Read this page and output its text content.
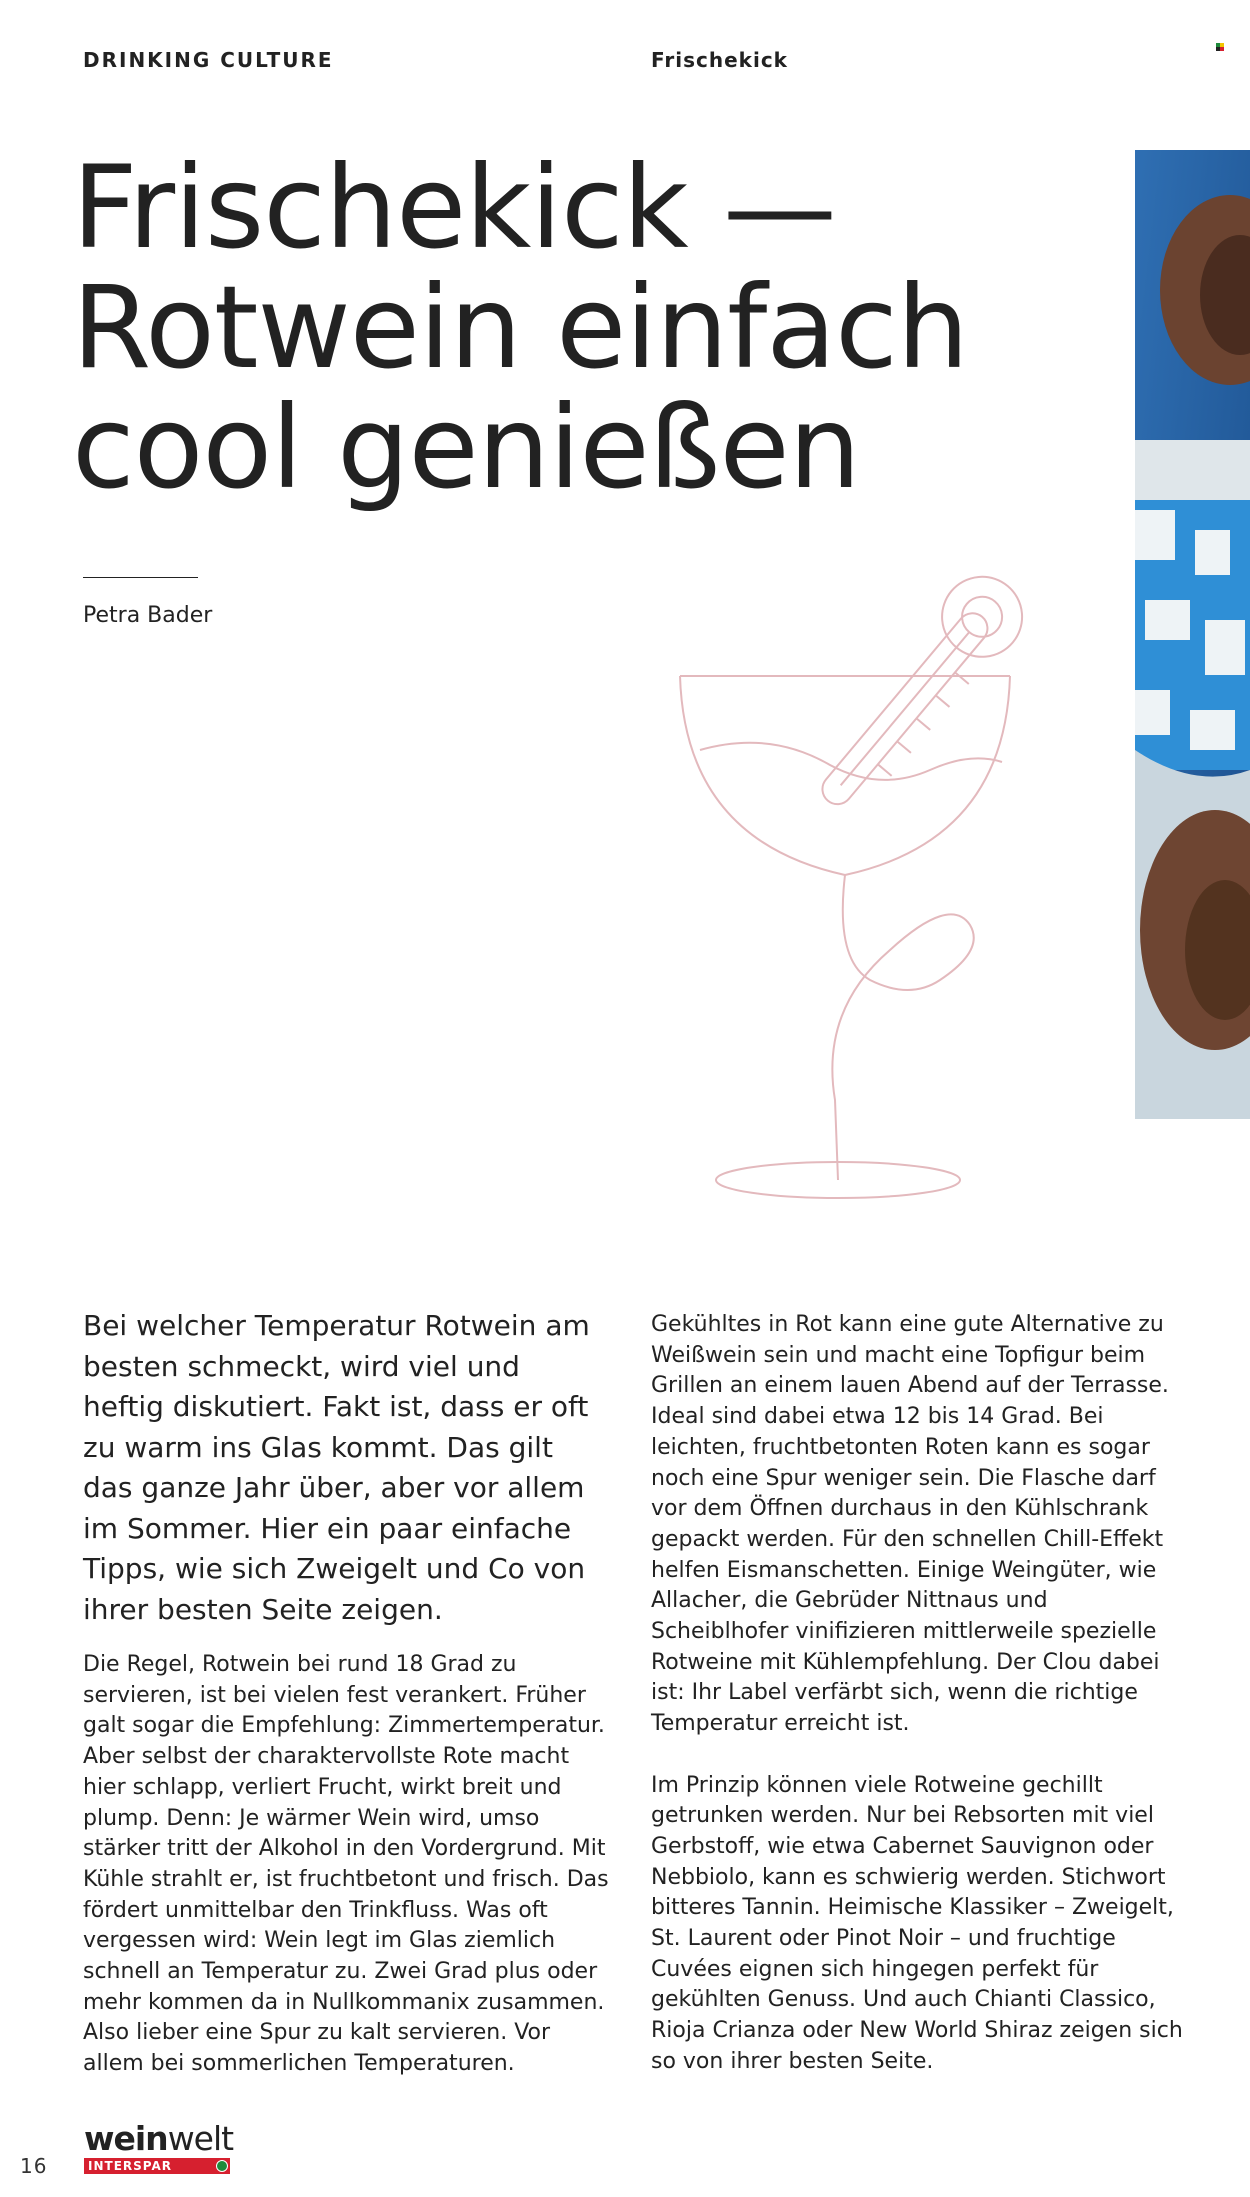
DRINKING CULTURE	Frischekick
Frischekick — Rotwein einfach cool genießen
Petra Bader

Bei welcher Temperatur Rotwein am besten schmeckt, wird viel und heftig diskutiert. Fakt ist, dass er oft zu warm ins Glas kommt. Das gilt das ganze Jahr über, aber vor allem im Sommer. Hier ein paar einfache Tipps, wie sich Zweigelt und Co von ihrer besten Seite zeigen.

Die Regel, Rotwein bei rund 18 Grad zu servieren, ist bei vielen fest verankert. Früher galt sogar die Empfehlung: Zimmertemperatur. Aber selbst der charaktervollste Rote macht hier schlapp, verliert Frucht, wirkt breit und plump. Denn: Je wärmer Wein wird, umso stärker tritt der Alkohol in den Vordergrund. Mit Kühle strahlt er, ist fruchtbetont und frisch. Das fördert unmittelbar den Trinkfluss. Was oft vergessen wird: Wein legt im Glas ziemlich schnell an Temperatur zu. Zwei Grad plus oder mehr kommen da in Nullkommanix zusammen. Also lieber eine Spur zu kalt servieren. Vor allem bei sommerlichen Temperaturen.

Gekühltes in Rot kann eine gute Alternative zu Weißwein sein und macht eine Topfigur beim Grillen an einem lauen Abend auf der Terrasse. Ideal sind dabei etwa 12 bis 14 Grad. Bei leichten, fruchtbetonten Roten kann es sogar noch eine Spur weniger sein. Die Flasche darf vor dem Öffnen durchaus in den Kühlschrank gepackt werden. Für den schnellen Chill-Effekt helfen Eismanschetten. Einige Weingüter, wie Allacher, die Gebrüder Nittnaus und Scheiblhofer vinifizieren mittlerweile spezielle Rotweine mit Kühlempfehlung. Der Clou dabei ist: Ihr Label verfärbt sich, wenn die richtige Temperatur erreicht ist.

Im Prinzip können viele Rotweine gechillt getrunken werden. Nur bei Rebsorten mit viel Gerbstoff, wie etwa Cabernet Sauvignon oder Nebbiolo, kann es schwierig werden. Stichwort bitteres Tannin. Heimische Klassiker – Zweigelt, St. Laurent oder Pinot Noir – und fruchtige Cuvées eignen sich hingegen perfekt für gekühlten Genuss. Und auch Chianti Classico, Rioja Crianza oder New World Shiraz zeigen sich so von ihrer besten Seite.

16
weinwelt
INTERSPAR
